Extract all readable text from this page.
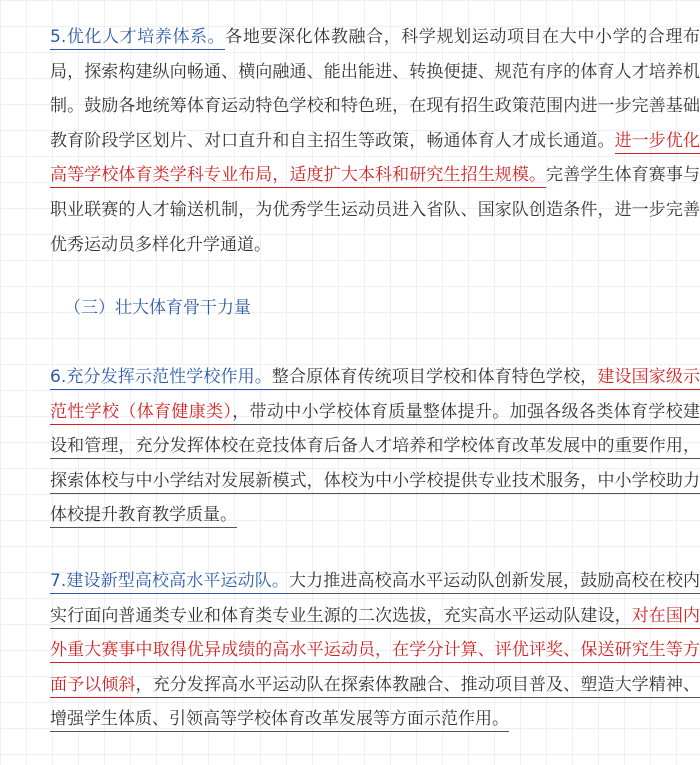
5.优化人才培养体系。各地要深化体教融合，科学规划运动项目在大中小学的合理布局，探索构建纵向畅通、横向融通、能出能进、转换便捷、规范有序的体育人才培养机制。鼓励各地统筹体育运动特色学校和特色班，在现有招生政策范围内进一步完善基础教育阶段学区划片、对口直升和自主招生等政策，畅通体育人才成长通道。进一步优化高等学校体育类学科专业布局，适度扩大本科和研究生招生规模。完善学生体育赛事与职业联赛的人才输送机制，为优秀学生运动员进入省队、国家队创造条件，进一步完善优秀运动员多样化升学通道。

（三）壮大体育骨干力量

6.充分发挥示范性学校作用。整合原体育传统项目学校和体育特色学校，建设国家级示范性学校（体育健康类），带动中小学校体育质量整体提升。加强各级各类体育学校建设和管理，充分发挥体校在竞技体育后备人才培养和学校体育改革发展中的重要作用，探索体校与中小学结对发展新模式，体校为中小学校提供专业技术服务，中小学校助力体校提升教育教学质量。

7.建设新型高校高水平运动队。大力推进高校高水平运动队创新发展，鼓励高校在校内实行面向普通类专业和体育类专业生源的二次选拔，充实高水平运动队建设，对在国内外重大赛事中取得优异成绩的高水平运动员，在学分计算、评优评奖、保送研究生等方面予以倾斜，充分发挥高水平运动队在探索体教融合、推动项目普及、塑造大学精神、增强学生体质、引领高等学校体育改革发展等方面示范作用。
